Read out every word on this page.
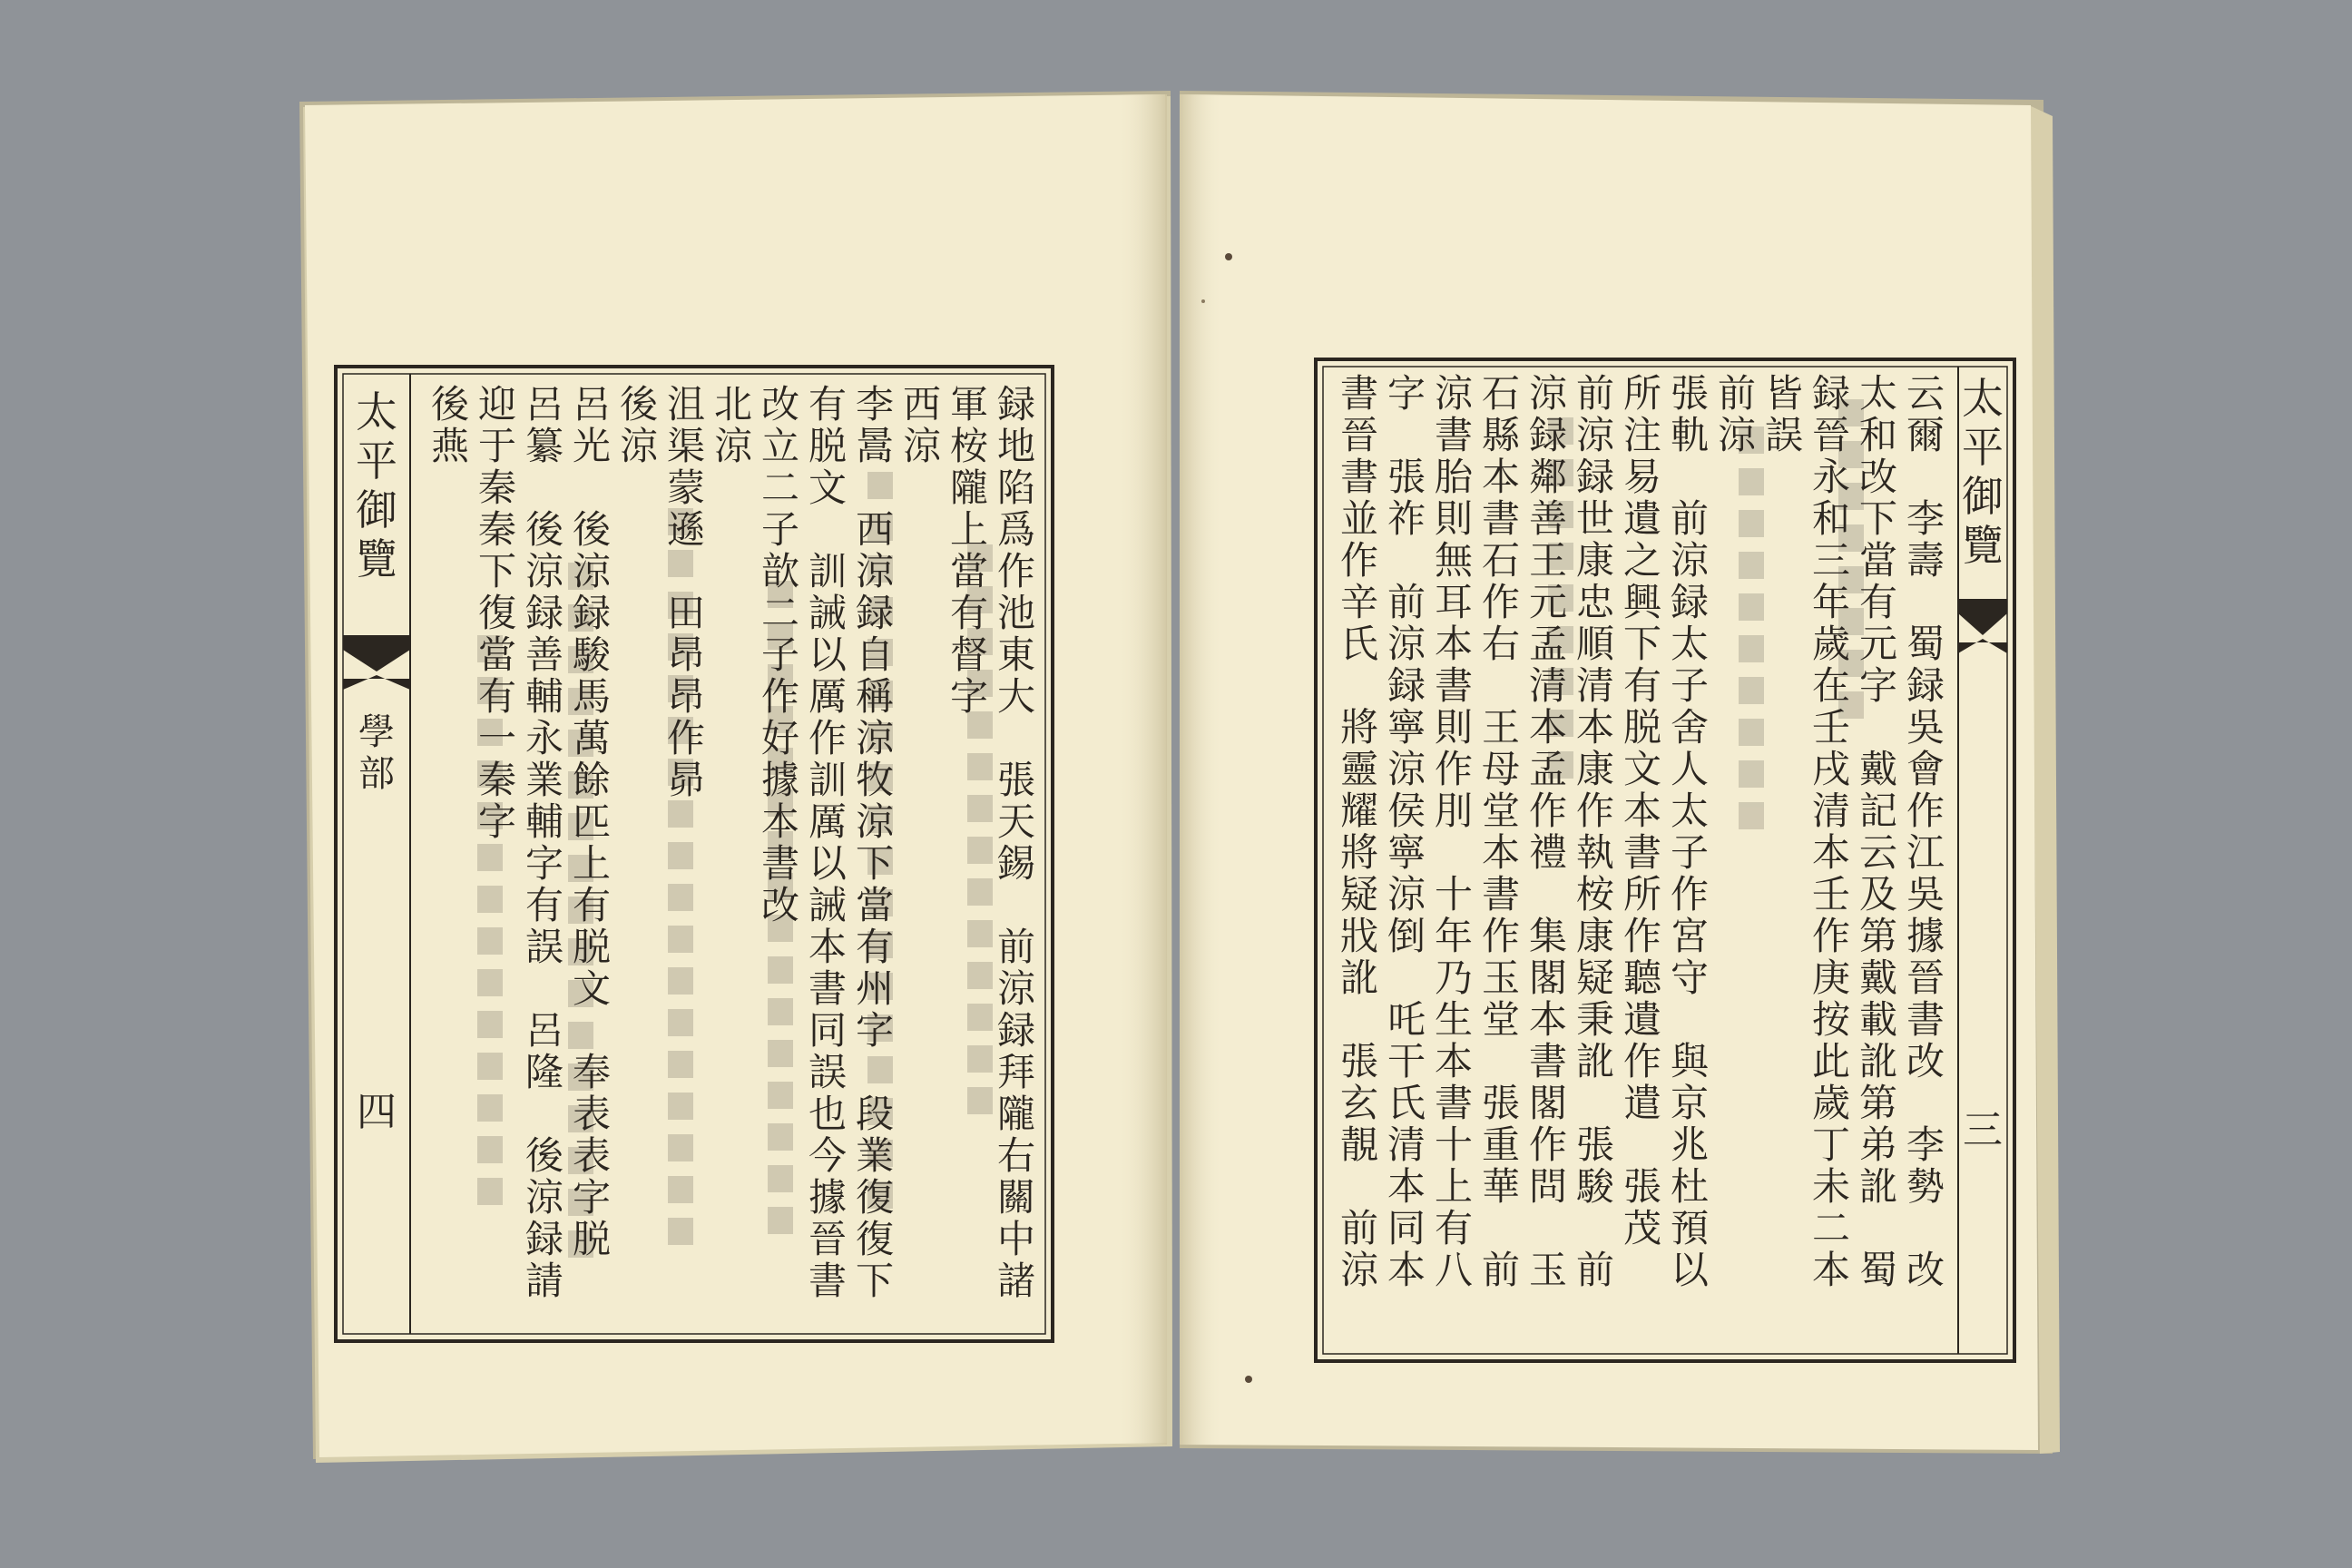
録
地
陷
爲
作
池
東
大
張
天
錫
前
涼
録
拜
隴
右
關
中
諸
軍
桉
隴
上
當
有
督
字
西
涼
李
暠
西
涼
録
自
稱
涼
牧
涼
下
當
有
州
字
段
業
復
復
下
有
脱
文
訓
誡
以
厲
作
訓
厲
以
誡
本
書
同
誤
也
今
據
晉
書
改
立
二
子
歆
二
子
作
好
據
本
書
改
北
涼
沮
渠
蒙
遜
田
昂
昂
作
昴
後
涼
呂
光
後
涼
録
駿
馬
萬
餘
匹
上
有
脱
文
奉
表
表
字
脱
呂
纂
後
涼
録
善
輔
永
業
輔
字
有
誤
呂
隆
後
涼
録
請
迎
于
秦
秦
下
復
當
有
一
秦
字
後
燕
云
爾
李
壽
蜀
録
吳
會
作
江
吳
據
晉
書
改
李
勢
改
太
和
改
下
當
有
元
字
戴
記
云
及
第
戴
載
訛
第
弟
訛
蜀
録
晉
永
和
三
年
歲
在
壬
戌
清
本
壬
作
庚
按
此
歲
丁
未
二
本
皆
誤
前
涼
張
軌
前
涼
録
太
子
舍
人
太
子
作
宮
守
與
京
兆
杜
預
以
所
注
易
遺
之
興
下
有
脱
文
本
書
所
作
聽
遺
作
遣
張
茂
前
涼
録
世
康
忠
順
清
本
康
作
執
桉
康
疑
秉
訛
張
駿
前
涼
録
鄰
善
王
元
孟
清
本
孟
作
禮
集
閣
本
書
閣
作
問
玉
石
縣
本
書
石
作
右
王
母
堂
本
書
作
玉
堂
張
重
華
前
涼
書
胎
則
無
耳
本
書
則
作
刖
十
年
乃
生
本
書
十
上
有
八
字
張
祚
前
涼
録
寧
涼
侯
寧
涼
倒
吒
干
氏
清
本
同
本
書
晉
書
並
作
辛
氏
將
靈
耀
將
疑
戕
訛
張
玄
靚
前
涼
太
平
御
覽
學
部
四
太
平
御
覽
三
